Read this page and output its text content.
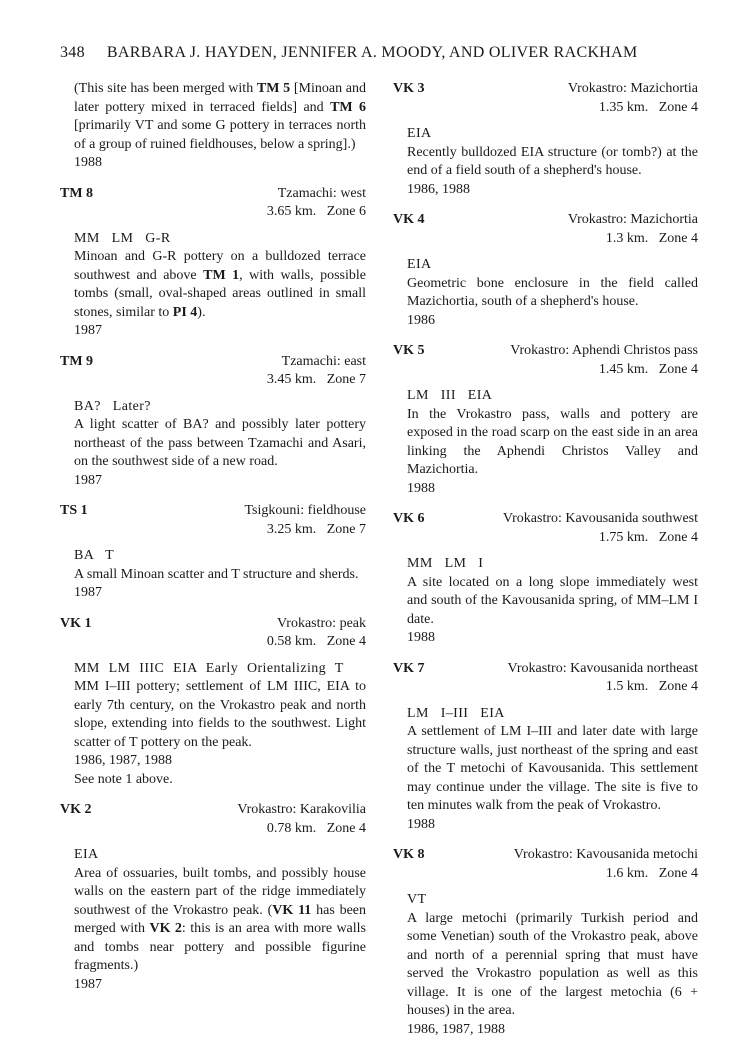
348 BARBARA J. HAYDEN, JENNIFER A. MOODY, AND OLIVER RACKHAM

(This site has been merged with TM 5 [Minoan and later pottery mixed in terraced fields] and TM 6 [primarily VT and some G pottery in terraces north of a group of ruined fieldhouses, below a spring].)

1988

TM 8	Tzamachi: west
3.65 km.   Zone 6

MM LM G-R

Minoan and G-R pottery on a bulldozed terrace southwest and above TM 1, with walls, possible tombs (small, oval-shaped areas outlined in small stones, similar to PI 4).

1987

TM 9	Tzamachi: east
3.45 km.   Zone 7

BA? Later?

A light scatter of BA? and possibly later pottery northeast of the pass between Tzamachi and Asari, on the southwest side of a new road.

1987

TS 1	Tsigkouni: fieldhouse
3.25 km.   Zone 7

BA T

A small Minoan scatter and T structure and sherds.

1987

VK 1	Vrokastro: peak
0.58 km.   Zone 4

MM LM IIIC EIA Early Orientalizing T

MM I–III pottery; settlement of LM IIIC, EIA to early 7th century, on the Vrokastro peak and north slope, extending into fields to the southwest. Light scatter of T pottery on the peak.

1986, 1987, 1988

See note 1 above.

VK 2	Vrokastro: Karakovilia
0.78 km.   Zone 4

EIA

Area of ossuaries, built tombs, and possibly house walls on the eastern part of the ridge immediately southwest of the Vrokastro peak. (VK 11 has been merged with VK 2: this is an area with more walls and tombs near pottery and possible figurine fragments.)

1987

VK 3	Vrokastro: Mazichortia
1.35 km.   Zone 4

EIA

Recently bulldozed EIA structure (or tomb?) at the end of a field south of a shepherd's house.

1986, 1988

VK 4	Vrokastro: Mazichortia
1.3 km.   Zone 4

EIA

Geometric bone enclosure in the field called Mazichortia, south of a shepherd's house.

1986

VK 5	Vrokastro: Aphendi Christos pass
1.45 km.   Zone 4

LM III EIA

In the Vrokastro pass, walls and pottery are exposed in the road scarp on the east side in an area linking the Aphendi Christos Valley and Mazichortia.

1988

VK 6	Vrokastro: Kavousanida southwest
1.75 km.   Zone 4

MM LM I

A site located on a long slope immediately west and south of the Kavousanida spring, of MM–LM I date.

1988

VK 7	Vrokastro: Kavousanida northeast
1.5 km.   Zone 4

LM I–III EIA

A settlement of LM I–III and later date with large structure walls, just northeast of the spring and east of the T metochi of Kavousanida. This settlement may continue under the village. The site is five to ten minutes walk from the peak of Vrokastro.

1988

VK 8	Vrokastro: Kavousanida metochi
1.6 km.   Zone 4

VT

A large metochi (primarily Turkish period and some Venetian) south of the Vrokastro peak, above and north of a perennial spring that must have served the Vrokastro population as well as this village. It is one of the largest metochia (6 + houses) in the area.

1986, 1987, 1988
